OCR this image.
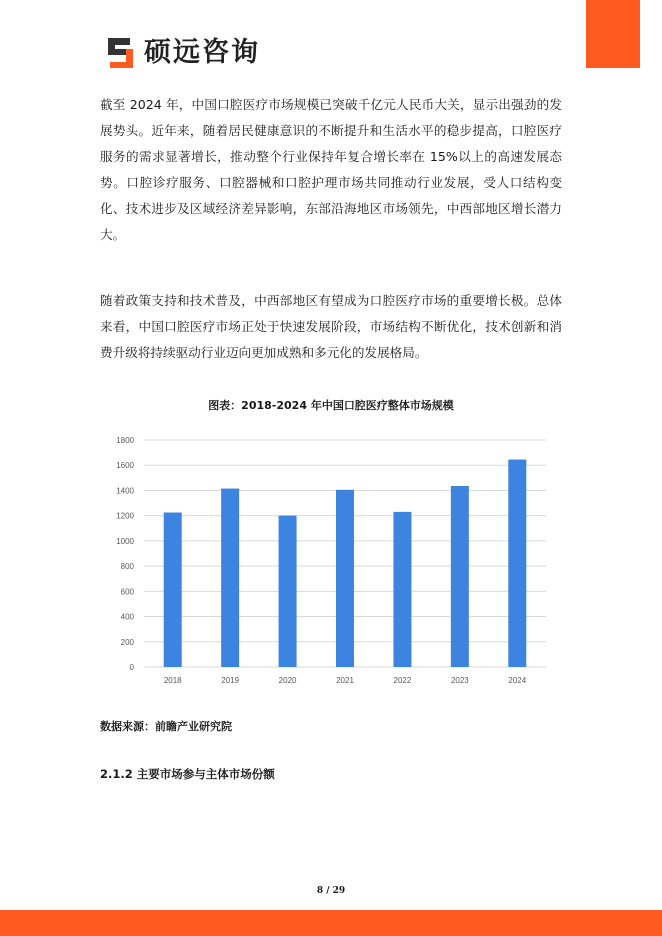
硕远咨询

截至 2024 年，中国口腔医疗市场规模已突破千亿元人民币大关，显示出强劲的发展势头。近年来，随着居民健康意识的不断提升和生活水平的稳步提高，口腔医疗服务的需求显著增长，推动整个行业保持年复合增长率在 15%以上的高速发展态势。口腔诊疗服务、口腔器械和口腔护理市场共同推动行业发展，受人口结构变化、技术进步及区域经济差异影响，东部沿海地区市场领先，中西部地区增长潜力大。

随着政策支持和技术普及，中西部地区有望成为口腔医疗市场的重要增长极。总体来看，中国口腔医疗市场正处于快速发展阶段，市场结构不断优化，技术创新和消费升级将持续驱动行业迈向更加成熟和多元化的发展格局。

图表：2018-2024 年中国口腔医疗整体市场规模
0
200
400
600
800
1000
1200
1400
1600
1800
2018	2019	2020	2021	2022	2023	2024
数据来源：前瞻产业研究院
2.1.2 主要市场参与主体市场份额
8 / 29
